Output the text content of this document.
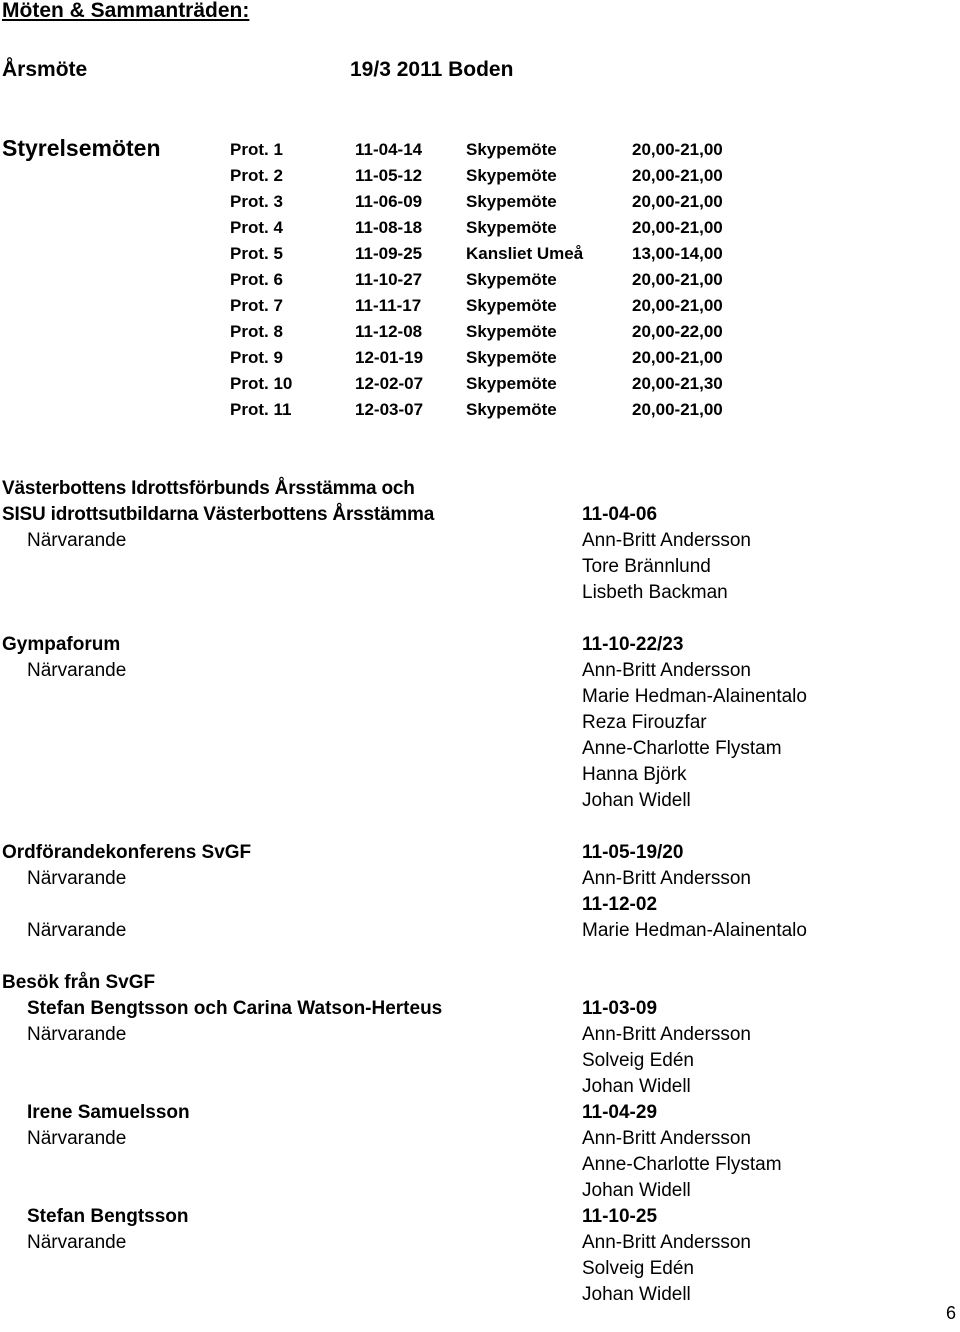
Möten & Sammanträden:
Årsmöte	19/3 2011 Boden
Styrelsemöten	Prot. 1	11-04-14	Skypemöte	20,00-21,00
Prot. 2	11-05-12	Skypemöte	20,00-21,00
Prot. 3	11-06-09	Skypemöte	20,00-21,00
Prot. 4	11-08-18	Skypemöte	20,00-21,00
Prot. 5	11-09-25	Kansliet Umeå	13,00-14,00
Prot. 6	11-10-27	Skypemöte	20,00-21,00
Prot. 7	11-11-17	Skypemöte	20,00-21,00
Prot. 8	11-12-08	Skypemöte	20,00-22,00
Prot. 9	12-01-19	Skypemöte	20,00-21,00
Prot. 10	12-02-07	Skypemöte	20,00-21,30
Prot. 11	12-03-07	Skypemöte	20,00-21,00
Västerbottens Idrottsförbunds Årsstämma och
SISU idrottsutbildarna Västerbottens Årsstämma	11-04-06
Närvarande	Ann-Britt Andersson
Tore Brännlund
Lisbeth Backman
Gympaforum	11-10-22/23
Närvarande	Ann-Britt Andersson
Marie Hedman-Alainentalo
Reza Firouzfar
Anne-Charlotte Flystam
Hanna Björk
Johan Widell
Ordförandekonferens SvGF	11-05-19/20
Närvarande	Ann-Britt Andersson
11-12-02
Närvarande	Marie Hedman-Alainentalo
Besök från SvGF
Stefan Bengtsson och Carina Watson-Herteus	11-03-09
Närvarande	Ann-Britt Andersson
Solveig Edén
Johan Widell
Irene Samuelsson	11-04-29
Närvarande	Ann-Britt Andersson
Anne-Charlotte Flystam
Johan Widell
Stefan Bengtsson	11-10-25
Närvarande	Ann-Britt Andersson
Solveig Edén
Johan Widell
6
